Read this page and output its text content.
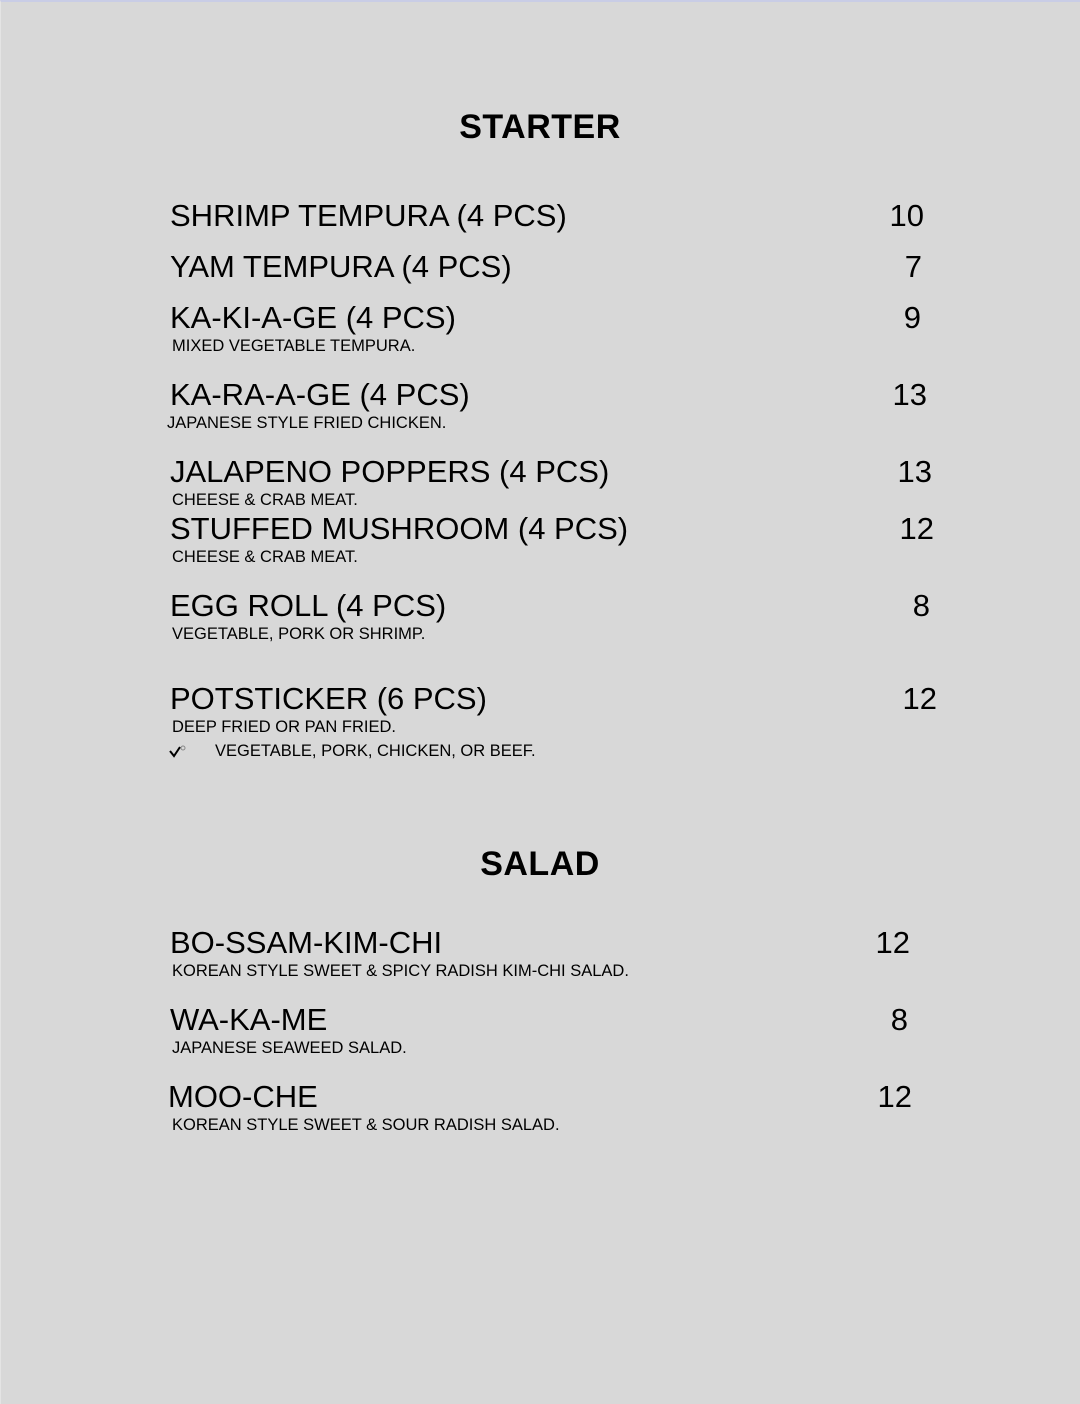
STARTER
SHRIMP TEMPURA (4 PCS)	10
YAM TEMPURA (4 PCS)	7
KA-KI-A-GE (4 PCS)
MIXED VEGETABLE TEMPURA.
9
KA-RA-A-GE (4 PCS)
JAPANESE STYLE FRIED CHICKEN.
13
JALAPENO POPPERS (4 PCS)
CHEESE & CRAB MEAT.
13
STUFFED MUSHROOM (4 PCS)
CHEESE & CRAB MEAT.
12
EGG ROLL (4 PCS)
VEGETABLE, PORK OR SHRIMP.
8
POTSTICKER (6 PCS)
DEEP FRIED OR PAN FRIED.
VEGETABLE, PORK, CHICKEN, OR BEEF.
12
SALAD
BO-SSAM-KIM-CHI
KOREAN STYLE SWEET & SPICY RADISH KIM-CHI SALAD.
12
WA-KA-ME
JAPANESE SEAWEED SALAD.
8
MOO-CHE
KOREAN STYLE SWEET & SOUR RADISH SALAD.
12
